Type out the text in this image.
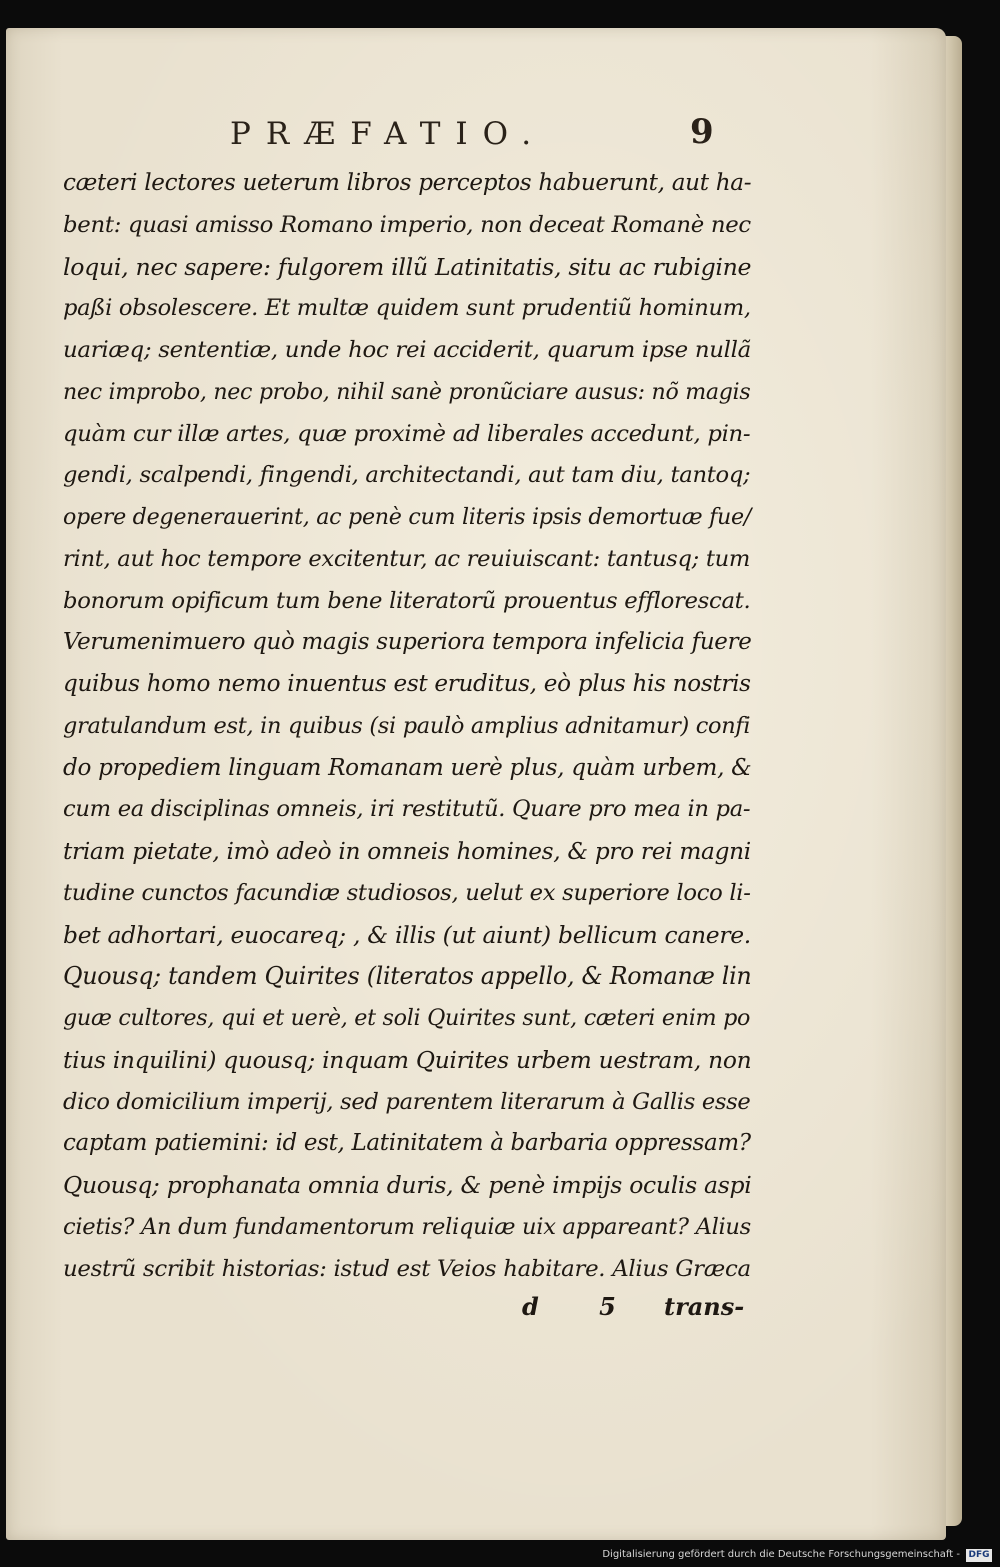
PRÆFATIO.	9
cæteri lectores ueterum libros perceptos habuerunt, aut ha-
bent: quasi amisso Romano imperio, non deceat Romanè nec
loqui, nec sapere: fulgorem illũ Latinitatis, situ ac rubigine
paßi obsolescere. Et multæ quidem sunt prudentiũ hominum,
uariæq; sententiæ, unde hoc rei acciderit, quarum ipse nullã
nec improbo, nec probo, nihil sanè pronũciare ausus: nõ magis
quàm cur illæ artes, quæ proximè ad liberales accedunt, pin-
gendi, scalpendi, fingendi, architectandi, aut tam diu, tantoq;
opere degenerauerint, ac penè cum literis ipsis demortuæ fue/
rint, aut hoc tempore excitentur, ac reuiuiscant: tantusq; tum
bonorum opificum tum bene literatorũ prouentus efflorescat.
Verumenimuero quò magis superiora tempora infelicia fuere
quibus homo nemo inuentus est eruditus, eò plus his nostris
gratulandum est, in quibus (si paulò amplius adnitamur) confi
do propediem linguam Romanam uerè plus, quàm urbem, &
cum ea disciplinas omneis, iri restitutũ. Quare pro mea in pa-
triam pietate, imò adeò in omneis homines, & pro rei magni
tudine cunctos facundiæ studiosos, uelut ex superiore loco li-
bet adhortari, euocareq; , & illis (ut aiunt) bellicum canere.
Quousq; tandem Quirites (literatos appello, & Romanæ lin
guæ cultores, qui et uerè, et soli Quirites sunt, cæteri enim po
tius inquilini) quousq; inquam Quirites urbem uestram, non
dico domicilium imperij, sed parentem literarum à Gallis esse
captam patiemini: id est, Latinitatem à barbaria oppressam?
Quousq; prophanata omnia duris, & penè impijs oculis aspi
cietis? An dum fundamentorum reliquiæ uix appareant? Alius
uestrũ scribit historias: istud est Veios habitare. Alius Græca
d 5 trans-
Digitalisierung gefördert durch die Deutsche Forschungsgemeinschaft - DFG
